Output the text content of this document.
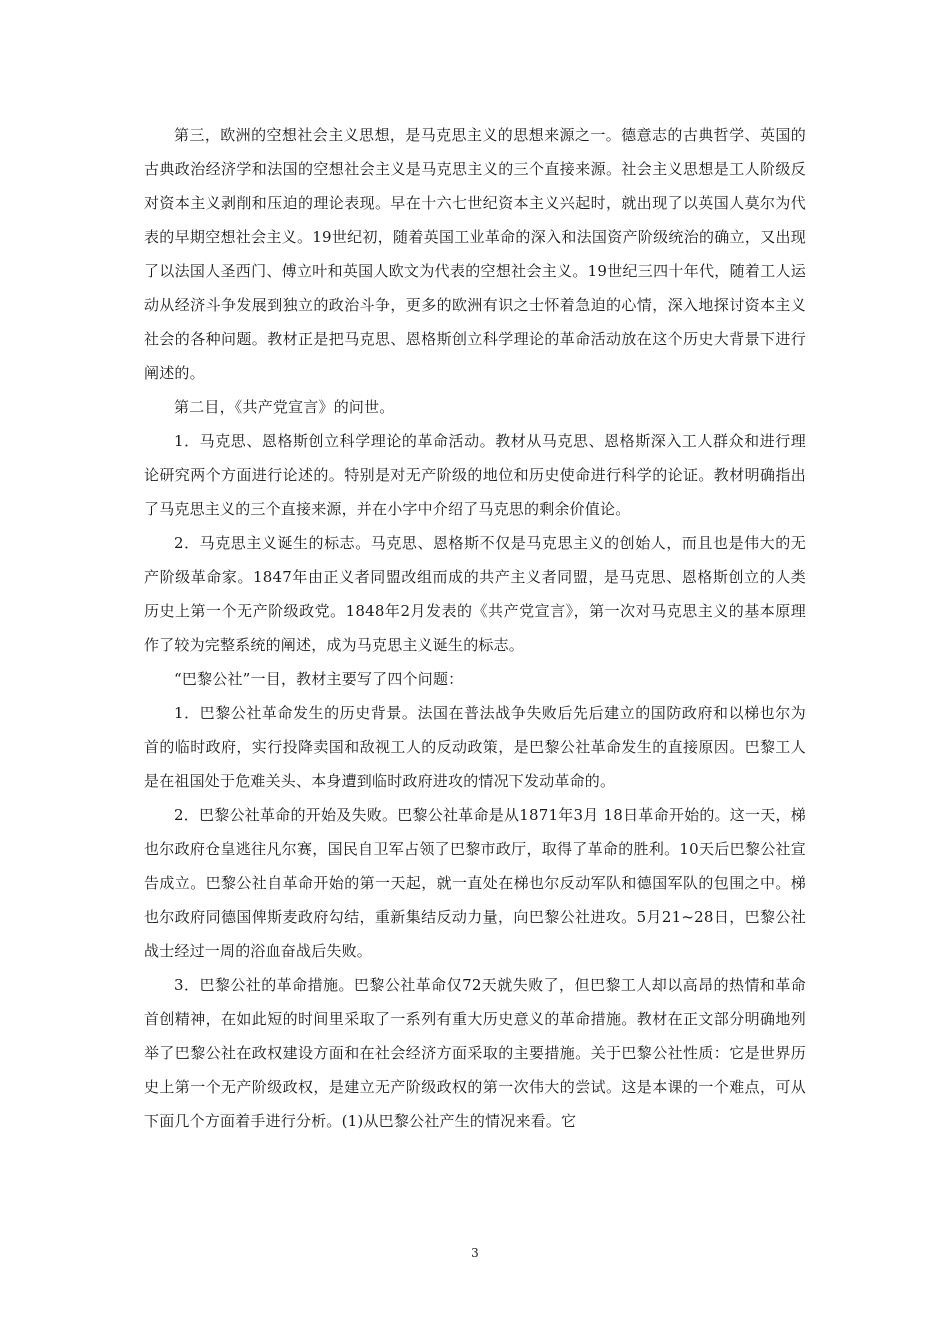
第三，欧洲的空想社会主义思想，是马克思主义的思想来源之一。德意志的古典哲学、英国的古典政治经济学和法国的空想社会主义是马克思主义的三个直接来源。社会主义思想是工人阶级反对资本主义剥削和压迫的理论表现。早在十六七世纪资本主义兴起时，就出现了以英国人莫尔为代表的早期空想社会主义。19世纪初，随着英国工业革命的深入和法国资产阶级统治的确立，又出现了以法国人圣西门、傅立叶和英国人欧文为代表的空想社会主义。19世纪三四十年代，随着工人运动从经济斗争发展到独立的政治斗争，更多的欧洲有识之士怀着急迫的心情，深入地探讨资本主义社会的各种问题。教材正是把马克思、恩格斯创立科学理论的革命活动放在这个历史大背景下进行阐述的。

第二目，《共产党宣言》的问世。

1．马克思、恩格斯创立科学理论的革命活动。教材从马克思、恩格斯深入工人群众和进行理论研究两个方面进行论述的。特别是对无产阶级的地位和历史使命进行科学的论证。教材明确指出了马克思主义的三个直接来源，并在小字中介绍了马克思的剩余价值论。

2．马克思主义诞生的标志。马克思、恩格斯不仅是马克思主义的创始人，而且也是伟大的无产阶级革命家。1847年由正义者同盟改组而成的共产主义者同盟，是马克思、恩格斯创立的人类历史上第一个无产阶级政党。1848年2月发表的《共产党宣言》，第一次对马克思主义的基本原理作了较为完整系统的阐述，成为马克思主义诞生的标志。

“巴黎公社”一目，教材主要写了四个问题：

1．巴黎公社革命发生的历史背景。法国在普法战争失败后先后建立的国防政府和以梯也尔为首的临时政府，实行投降卖国和敌视工人的反动政策，是巴黎公社革命发生的直接原因。巴黎工人是在祖国处于危难关头、本身遭到临时政府进攻的情况下发动革命的。

2．巴黎公社革命的开始及失败。巴黎公社革命是从1871年3月 18日革命开始的。这一天，梯也尔政府仓皇逃往凡尔赛，国民自卫军占领了巴黎市政厅，取得了革命的胜利。10天后巴黎公社宣告成立。巴黎公社自革命开始的第一天起，就一直处在梯也尔反动军队和德国军队的包围之中。梯也尔政府同德国俾斯麦政府勾结，重新集结反动力量，向巴黎公社进攻。5月21~28日，巴黎公社战士经过一周的浴血奋战后失败。

3．巴黎公社的革命措施。巴黎公社革命仅72天就失败了，但巴黎工人却以高昂的热情和革命首创精神，在如此短的时间里采取了一系列有重大历史意义的革命措施。教材在正文部分明确地列举了巴黎公社在政权建设方面和在社会经济方面采取的主要措施。关于巴黎公社性质：它是世界历史上第一个无产阶级政权，是建立无产阶级政权的第一次伟大的尝试。这是本课的一个难点，可从下面几个方面着手进行分析。(1)从巴黎公社产生的情况来看。它

3
